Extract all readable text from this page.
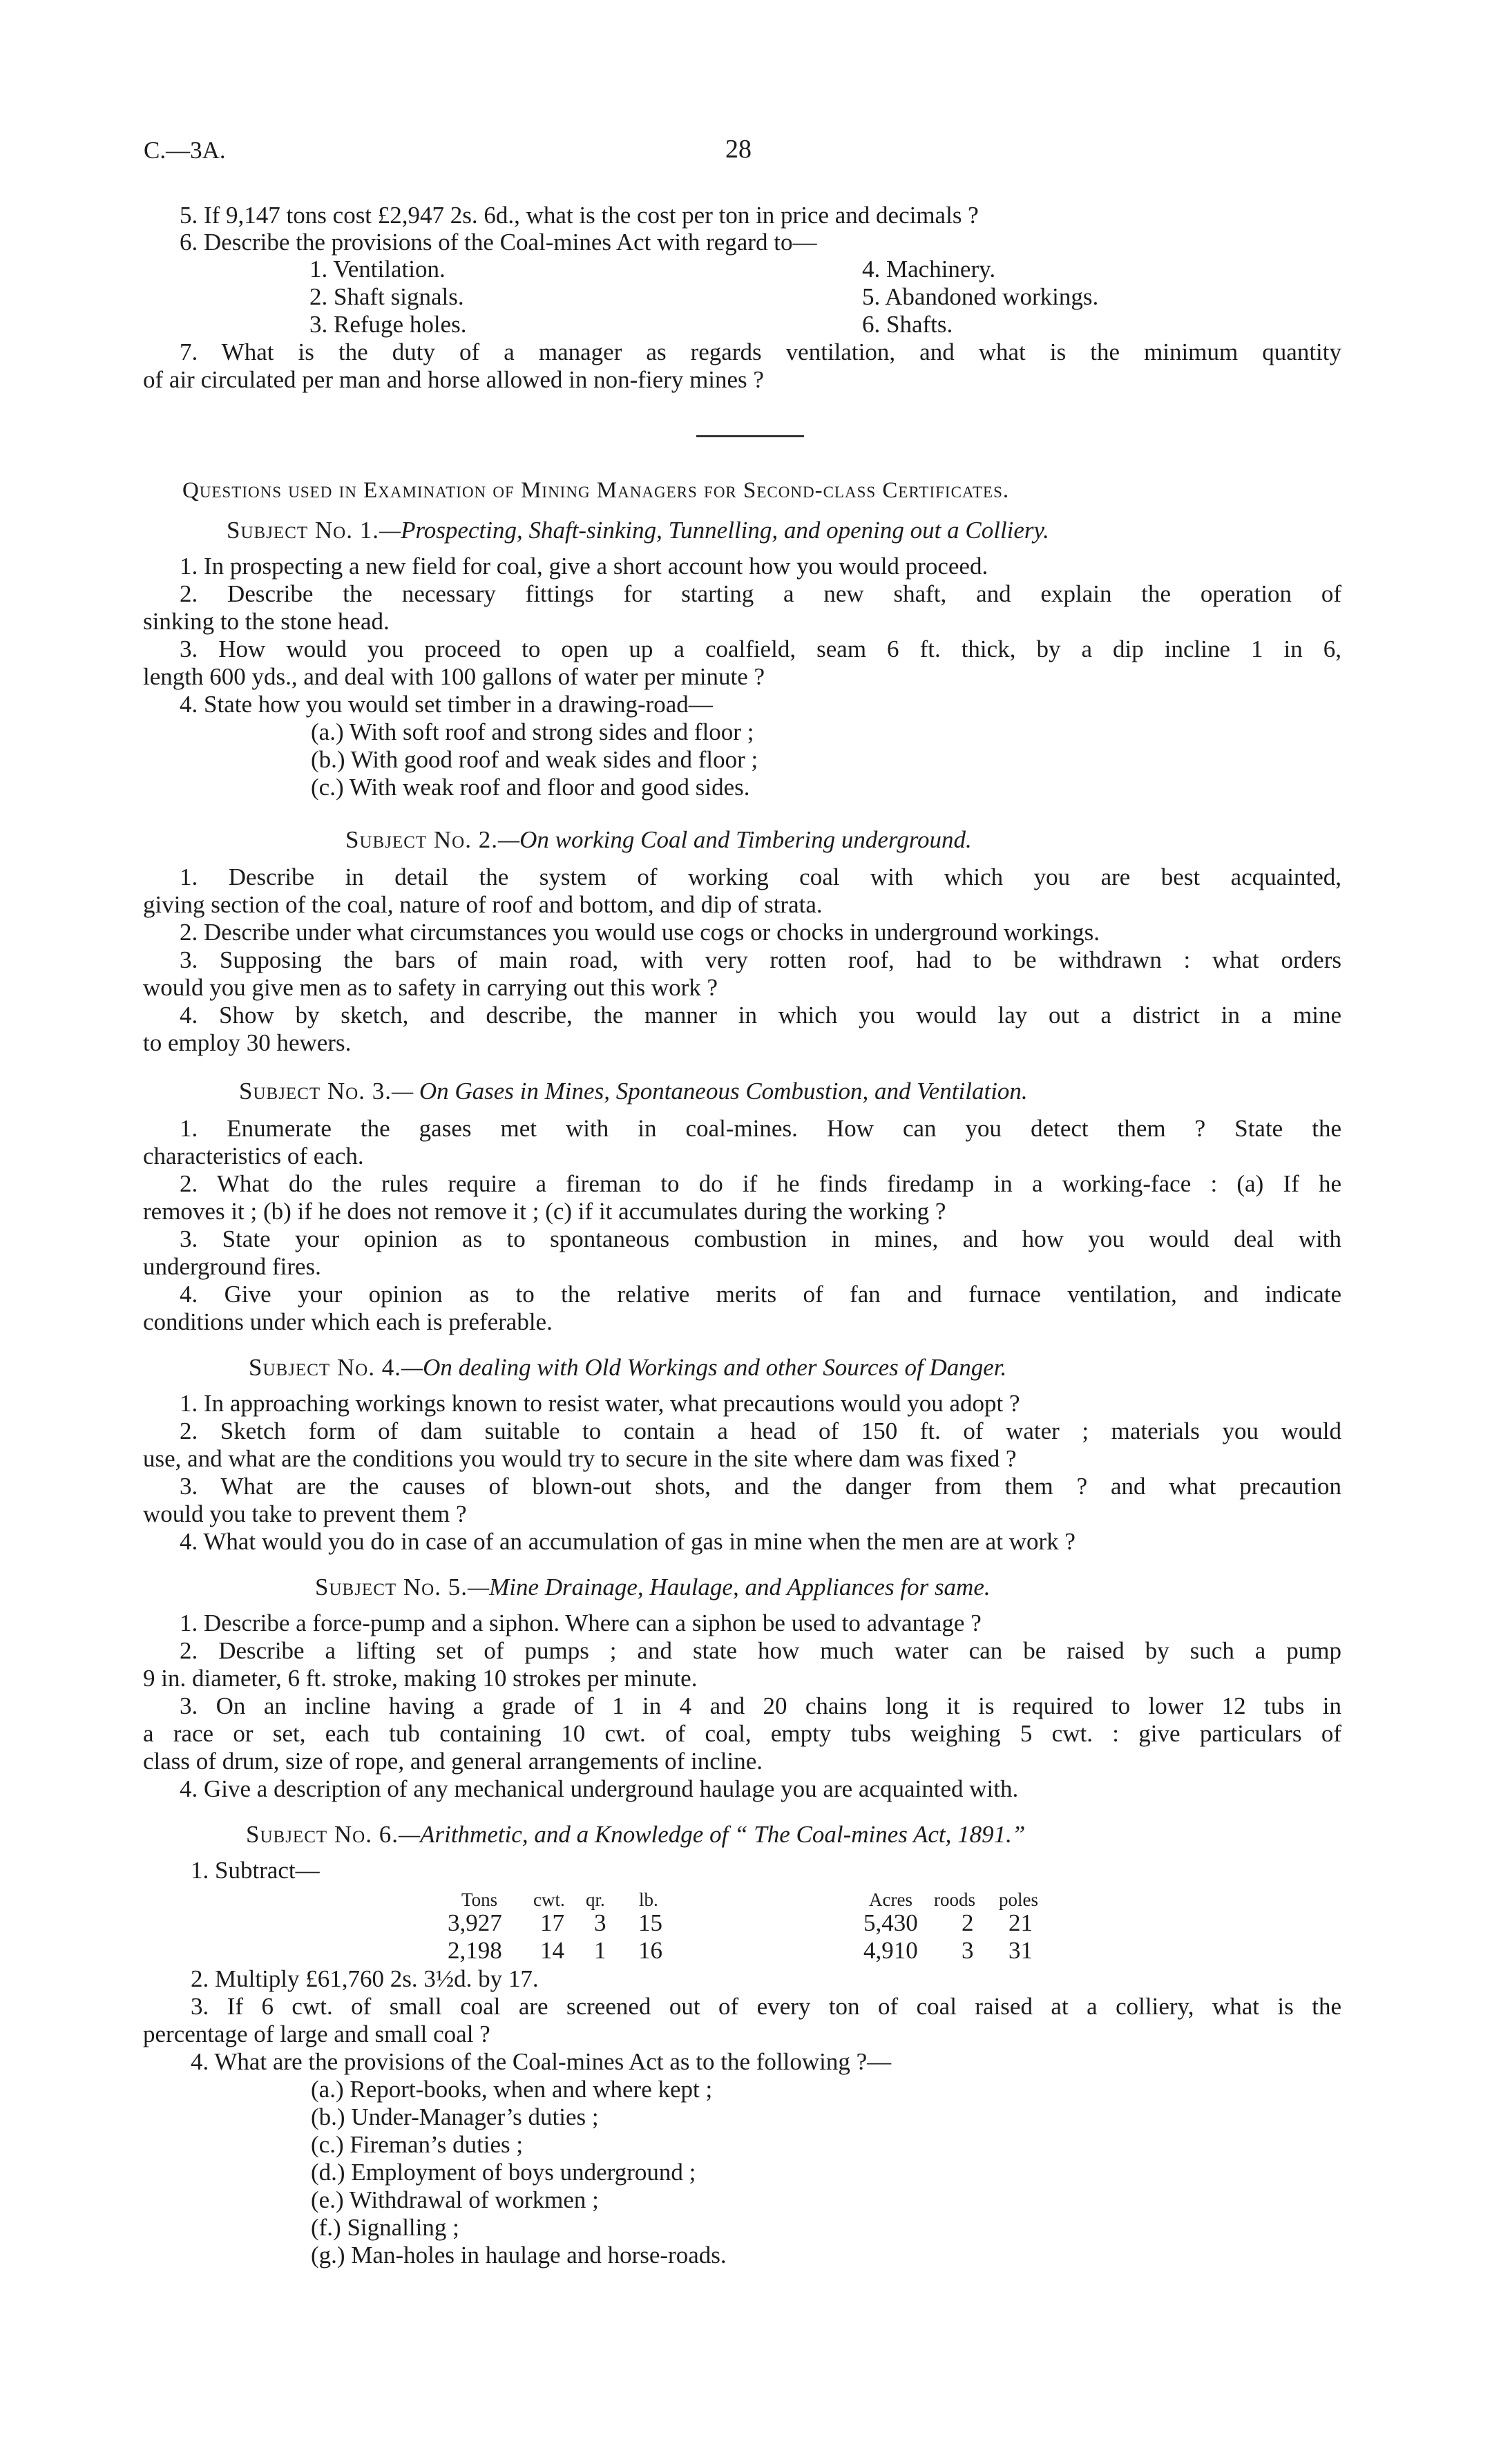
C.—3A.	28
5. If 9,147 tons cost £2,947 2s. 6d., what is the cost per ton in price and decimals ?
6. Describe the provisions of the Coal-mines Act with regard to—
1. Ventilation.
2. Shaft signals.
3. Refuge holes.
4. Machinery.
5. Abandoned workings.
6. Shafts.
7. What is the duty of a manager as regards ventilation, and what is the minimum quantity
of air circulated per man and horse allowed in non-fiery mines ?
Questions used in Examination of Mining Managers for Second-class Certificates.
Subject No. 1.—Prospecting, Shaft-sinking, Tunnelling, and opening out a Colliery.
1. In prospecting a new field for coal, give a short account how you would proceed.
2. Describe the necessary fittings for starting a new shaft, and explain the operation of
sinking to the stone head.
3. How would you proceed to open up a coalfield, seam 6 ft. thick, by a dip incline 1 in 6,
length 600 yds., and deal with 100 gallons of water per minute ?
4. State how you would set timber in a drawing-road—
(a.) With soft roof and strong sides and floor ;
(b.) With good roof and weak sides and floor ;
(c.) With weak roof and floor and good sides.
Subject No. 2.—On working Coal and Timbering underground.
1. Describe in detail the system of working coal with which you are best acquainted,
giving section of the coal, nature of roof and bottom, and dip of strata.
2. Describe under what circumstances you would use cogs or chocks in underground workings.
3. Supposing the bars of main road, with very rotten roof, had to be withdrawn : what orders
would you give men as to safety in carrying out this work ?
4. Show by sketch, and describe, the manner in which you would lay out a district in a mine
to employ 30 hewers.
Subject No. 3.— On Gases in Mines, Spontaneous Combustion, and Ventilation.
1. Enumerate the gases met with in coal-mines. How can you detect them ? State the
characteristics of each.
2. What do the rules require a fireman to do if he finds firedamp in a working-face : (a) If he
removes it ; (b) if he does not remove it ; (c) if it accumulates during the working ?
3. State your opinion as to spontaneous combustion in mines, and how you would deal with
underground fires.
4. Give your opinion as to the relative merits of fan and furnace ventilation, and indicate
conditions under which each is preferable.
Subject No. 4.—On dealing with Old Workings and other Sources of Danger.
1. In approaching workings known to resist water, what precautions would you adopt ?
2. Sketch form of dam suitable to contain a head of 150 ft. of water ; materials you would
use, and what are the conditions you would try to secure in the site where dam was fixed ?
3. What are the causes of blown-out shots, and the danger from them ? and what precaution
would you take to prevent them ?
4. What would you do in case of an accumulation of gas in mine when the men are at work ?
Subject No. 5.—Mine Drainage, Haulage, and Appliances for same.
1. Describe a force-pump and a siphon. Where can a siphon be used to advantage ?
2. Describe a lifting set of pumps ; and state how much water can be raised by such a pump
9 in. diameter, 6 ft. stroke, making 10 strokes per minute.
3. On an incline having a grade of 1 in 4 and 20 chains long it is required to lower 12 tubs in
a race or set, each tub containing 10 cwt. of coal, empty tubs weighing 5 cwt. : give particulars of
class of drum, size of rope, and general arrangements of incline.
4. Give a description of any mechanical underground haulage you are acquainted with.
Subject No. 6.—Arithmetic, and a Knowledge of “ The Coal-mines Act, 1891.”
1. Subtract—
Tons cwt. qr. lb.
3,927 17 3 15
2,198 14 1 16
Acres roods poles
5,430 2 21
4,910 3 31
2. Multiply £61,760 2s. 3½d. by 17.
3. If 6 cwt. of small coal are screened out of every ton of coal raised at a colliery, what is the
percentage of large and small coal ?
4. What are the provisions of the Coal-mines Act as to the following ?—
(a.) Report-books, when and where kept ;
(b.) Under-Manager’s duties ;
(c.) Fireman’s duties ;
(d.) Employment of boys underground ;
(e.) Withdrawal of workmen ;
(f.) Signalling ;
(g.) Man-holes in haulage and horse-roads.
